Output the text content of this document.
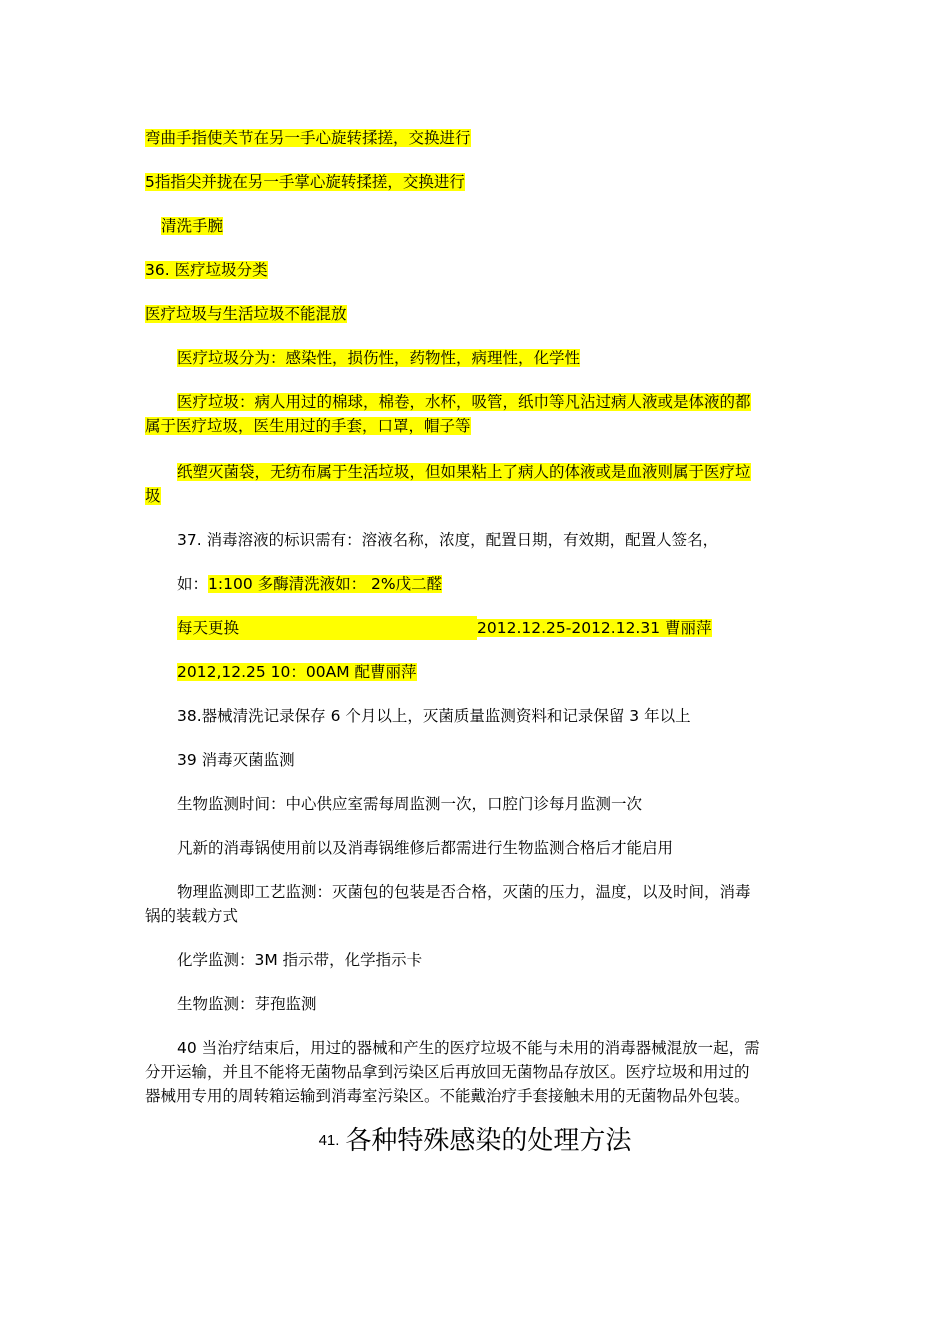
弯曲手指使关节在另一手心旋转揉搓，交换进行
5指指尖并拢在另一手掌心旋转揉搓，交换进行
清洗手腕
36. 医疗垃圾分类
医疗垃圾与生活垃圾不能混放
医疗垃圾分为：感染性，损伤性，药物性，病理性，化学性
医疗垃圾：病人用过的棉球，棉卷，水杯，吸管，纸巾等凡沾过病人液或是体液的都
属于医疗垃圾，医生用过的手套，口罩，帽子等
纸塑灭菌袋，无纺布属于生活垃圾，但如果粘上了病人的体液或是血液则属于医疗垃
圾
37. 消毒溶液的标识需有：溶液名称，浓度，配置日期，有效期，配置人签名，
如：1:100 多酶清洗液如： 2%戊二醛
每天更换	2012.12.25-2012.12.31 曹丽萍
2012,12.25 10：00AM 配曹丽萍
38.器械清洗记录保存 6 个月以上，灭菌质量监测资料和记录保留 3 年以上
39 消毒灭菌监测
生物监测时间：中心供应室需每周监测一次，口腔门诊每月监测一次
凡新的消毒锅使用前以及消毒锅维修后都需进行生物监测合格后才能启用
物理监测即工艺监测：灭菌包的包装是否合格，灭菌的压力，温度，以及时间，消毒
锅的装载方式
化学监测：3M 指示带，化学指示卡
生物监测：芽孢监测
40 当治疗结束后，用过的器械和产生的医疗垃圾不能与未用的消毒器械混放一起，需
分开运输，并且不能将无菌物品拿到污染区后再放回无菌物品存放区。医疗垃圾和用过的
器械用专用的周转箱运输到消毒室污染区。不能戴治疗手套接触未用的无菌物品外包装。
41. 各种特殊感染的处理方法
